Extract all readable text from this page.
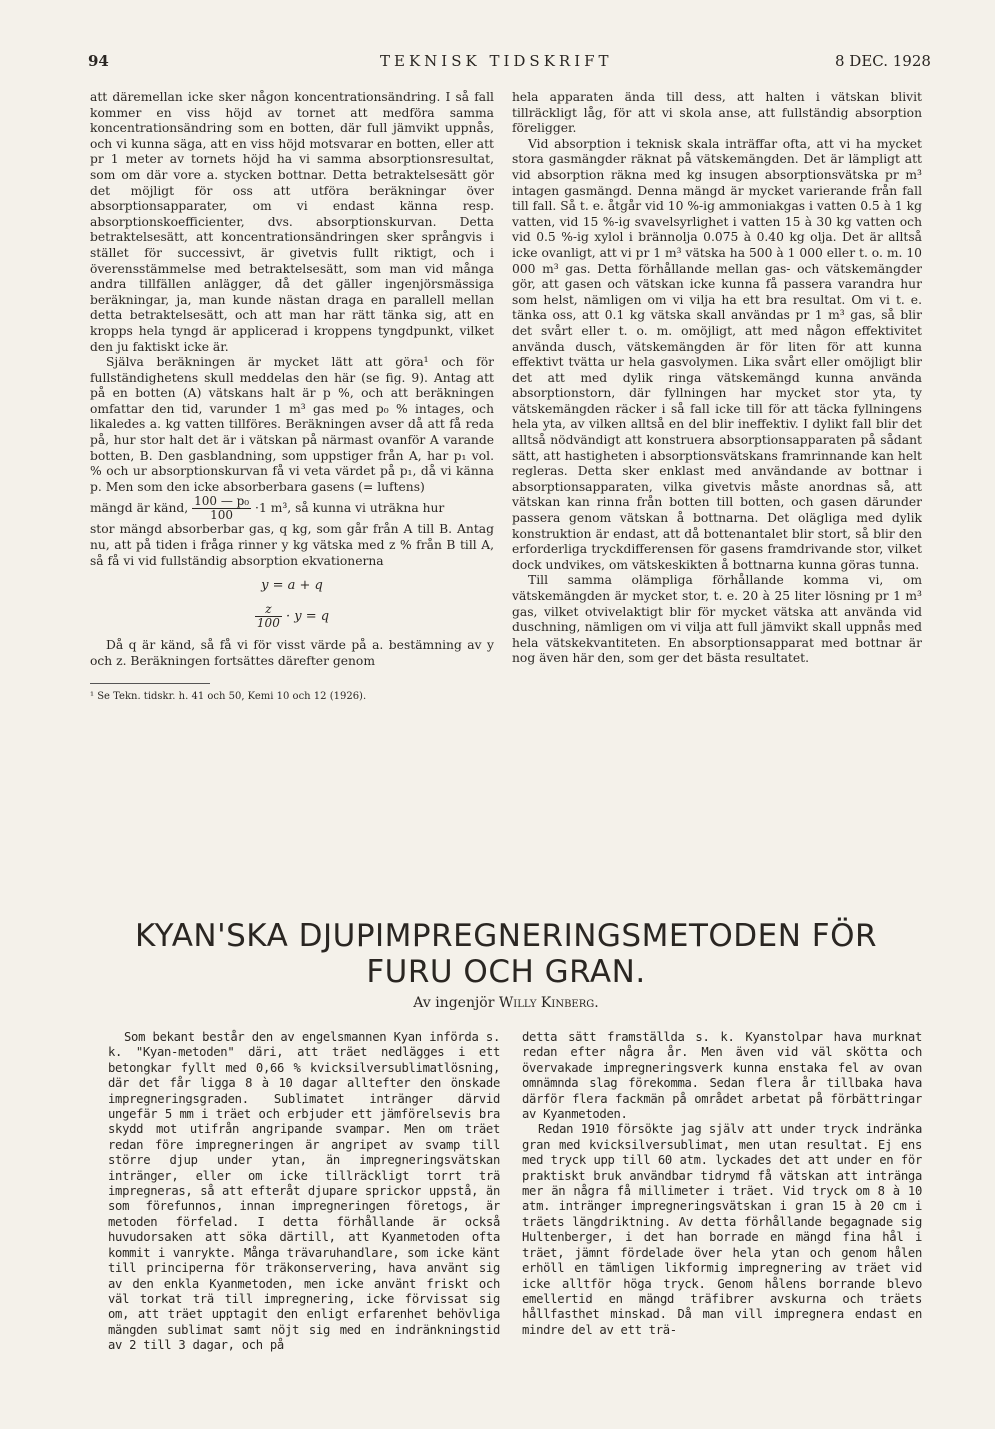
94	TEKNISK TIDSKRIFT	8 DEC. 1928

att däremellan icke sker någon koncentrationsändring. I så fall kommer en viss höjd av tornet att medföra samma koncentrationsändring som en botten, där full jämvikt uppnås, och vi kunna säga, att en viss höjd motsvarar en botten, eller att pr 1 meter av tornets höjd ha vi samma absorptionsresultat, som om där vore a. stycken bottnar. Detta betraktelsesätt gör det möjligt för oss att utföra beräkningar över absorptionsapparater, om vi endast känna resp. absorptionskoefficienter, dvs. absorptionskurvan. Detta betraktelsesätt, att koncentrationsändringen sker språngvis i stället för successivt, är givetvis fullt riktigt, och i överensstämmelse med betraktelsesätt, som man vid många andra tillfällen anlägger, då det gäller ingenjörsmässiga beräkningar, ja, man kunde nästan draga en parallell mellan detta betraktelsesätt, och att man har rätt tänka sig, att en kropps hela tyngd är applicerad i kroppens tyngdpunkt, vilket den ju faktiskt icke är.

Själva beräkningen är mycket lätt att göra¹ och för fullständighetens skull meddelas den här (se fig. 9). Antag att på en botten (A) vätskans halt är p %, och att beräkningen omfattar den tid, varunder 1 m³ gas med p₀ % intages, och likaledes a. kg vatten tillföres. Beräkningen avser då att få reda på, hur stor halt det är i vätskan på närmast ovanför A varande botten, B. Den gasblandning, som uppstiger från A, har p₁ vol. % och ur absorptionskurvan få vi veta värdet på p₁, då vi känna p. Men som den icke absorberbara gasens (= luftens)

mängd är känd, $\frac{\text{100 — p₀}}{100} \cdot 1$ m³, så kunna vi uträkna hur

stor mängd absorberbar gas, q kg, som går från A till B. Antag nu, att på tiden i fråga rinner y kg vätska med z % från B till A, så få vi vid fullständig absorption ekvationerna

y = a + q
$\frac{z}{100} \cdot y = q$

Då q är känd, så få vi för visst värde på a. bestämning av y och z. Beräkningen fortsättes därefter genom

¹ Se Tekn. tidskr. h. 41 och 50, Kemi 10 och 12 (1926).

hela apparaten ända till dess, att halten i vätskan blivit tillräckligt låg, för att vi skola anse, att fullständig absorption föreligger.

Vid absorption i teknisk skala inträffar ofta, att vi ha mycket stora gasmängder räknat på vätskemängden. Det är lämpligt att vid absorption räkna med kg insugen absorptionsvätska pr m³ intagen gasmängd. Denna mängd är mycket varierande från fall till fall. Så t. e. åtgår vid 10 %-ig ammoniakgas i vatten 0.5 à 1 kg vatten, vid 15 %-ig svavelsyrlighet i vatten 15 à 30 kg vatten och vid 0.5 %-ig xylol i brännolja 0.075 à 0.40 kg olja. Det är alltså icke ovanligt, att vi pr 1 m³ vätska ha 500 à 1 000 eller t. o. m. 10 000 m³ gas. Detta förhållande mellan gas- och vätskemängder gör, att gasen och vätskan icke kunna få passera varandra hur som helst, nämligen om vi vilja ha ett bra resultat. Om vi t. e. tänka oss, att 0.1 kg vätska skall användas pr 1 m³ gas, så blir det svårt eller t. o. m. omöjligt, att med någon effektivitet använda dusch, vätskemängden är för liten för att kunna effektivt tvätta ur hela gasvolymen. Lika svårt eller omöjligt blir det att med dylik ringa vätskemängd kunna använda absorptionstorn, där fyllningen har mycket stor yta, ty vätskemängden räcker i så fall icke till för att täcka fyllningens hela yta, av vilken alltså en del blir ineffektiv. I dylikt fall blir det alltså nödvändigt att konstruera absorptionsapparaten på sådant sätt, att hastigheten i absorptionsvätskans framrinnande kan helt regleras. Detta sker enklast med användande av bottnar i absorptionsapparaten, vilka givetvis måste anordnas så, att vätskan kan rinna från botten till botten, och gasen därunder passera genom vätskan å bottnarna. Det olägliga med dylik konstruktion är endast, att då bottenantalet blir stort, så blir den erforderliga tryckdifferensen för gasens framdrivande stor, vilket dock undvikes, om vätskeskikten å bottnarna kunna göras tunna.

Till samma olämpliga förhållande komma vi, om vätskemängden är mycket stor, t. e. 20 à 25 liter lösning pr 1 m³ gas, vilket otvivelaktigt blir för mycket vätska att använda vid duschning, nämligen om vi vilja att full jämvikt skall uppnås med hela vätskekvantiteten. En absorptionsapparat med bottnar är nog även här den, som ger det bästa resultatet.

KYAN'SKA DJUPIMPREGNERINGSMETODEN FÖR
FURU OCH GRAN.
Av ingenjör Willy Kinberg.

Som bekant består den av engelsmannen Kyan införda s. k. "Kyan-metoden" däri, att träet nedlägges i ett betongkar fyllt med 0,66 % kvicksilversublimatlösning, där det får ligga 8 à 10 dagar alltefter den önskade impregneringsgraden. Sublimatet intränger därvid ungefär 5 mm i träet och erbjuder ett jämförelsevis bra skydd mot utifrån angripande svampar. Men om träet redan före impregneringen är angripet av svamp till större djup under ytan, än impregneringsvätskan intränger, eller om icke tillräckligt torrt trä impregneras, så att efteråt djupare sprickor uppstå, än som förefunnos, innan impregneringen företogs, är metoden förfelad. I detta förhållande är också huvudorsaken att söka därtill, att Kyanmetoden ofta kommit i vanrykte. Många trävaruhandlare, som icke känt till principerna för träkonservering, hava använt sig av den enkla Kyanmetoden, men icke använt friskt och väl torkat trä till impregnering, icke förvissat sig om, att träet upptagit den enligt erfarenhet behövliga mängden sublimat samt nöjt sig med en indränkningstid av 2 till 3 dagar, och på

detta sätt framställda s. k. Kyanstolpar hava murknat redan efter några år. Men även vid väl skötta och övervakade impregneringsverk kunna enstaka fel av ovan omnämnda slag förekomma. Sedan flera år tillbaka hava därför flera fackmän på området arbetat på förbättringar av Kyanmetoden.

Redan 1910 försökte jag själv att under tryck indränka gran med kvicksilversublimat, men utan resultat. Ej ens med tryck upp till 60 atm. lyckades det att under en för praktiskt bruk användbar tidrymd få vätskan att intränga mer än några få millimeter i träet. Vid tryck om 8 à 10 atm. intränger impregneringsvätskan i gran 15 à 20 cm i träets längdriktning. Av detta förhållande begagnade sig Hultenberger, i det han borrade en mängd fina hål i träet, jämnt fördelade över hela ytan och genom hålen erhöll en tämligen likformig impregnering av träet vid icke alltför höga tryck. Genom hålens borrande blevo emellertid en mängd träfibrer avskurna och träets hållfasthet minskad. Då man vill impregnera endast en mindre del av ett trä-
